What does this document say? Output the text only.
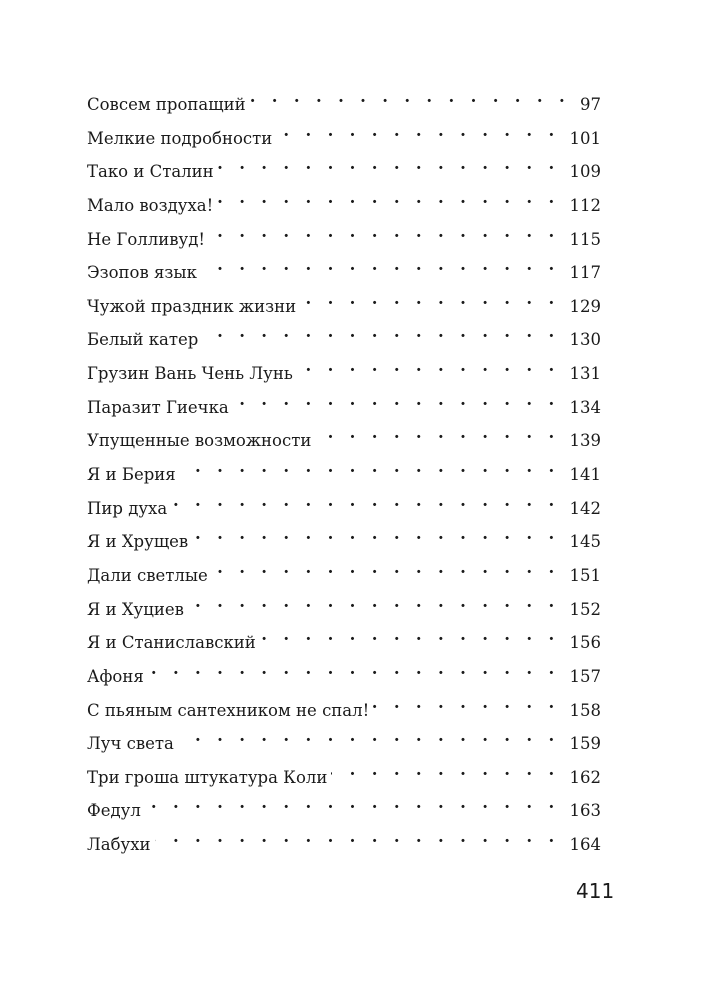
Совсем пропащий . . .	97
Мелкие подробности . . .	101
Тако и Сталин . . .	109
Мало воздуха! . . .	112
Не Голливуд! . . .	115
Эзопов язык . . .	117
Чужой праздник жизни . . .	129
Белый катер . . .	130
Грузин Вань Чень Лунь . . .	131
Паразит Гиечка . . .	134
Упущенные возможности . . .	139
Я и Берия . . .	141
Пир духа . . .	142
Я и Хрущев . . .	145
Дали светлые . . .	151
Я и Хуциев . . .	152
Я и Станиславский . . .	156
Афоня . . .	157
С пьяным сантехником не спал! . . .	158
Луч света . . .	159
Три гроша штукатура Коли . . .	162
Федул . . .	163
Лабухи . . .	164
411
